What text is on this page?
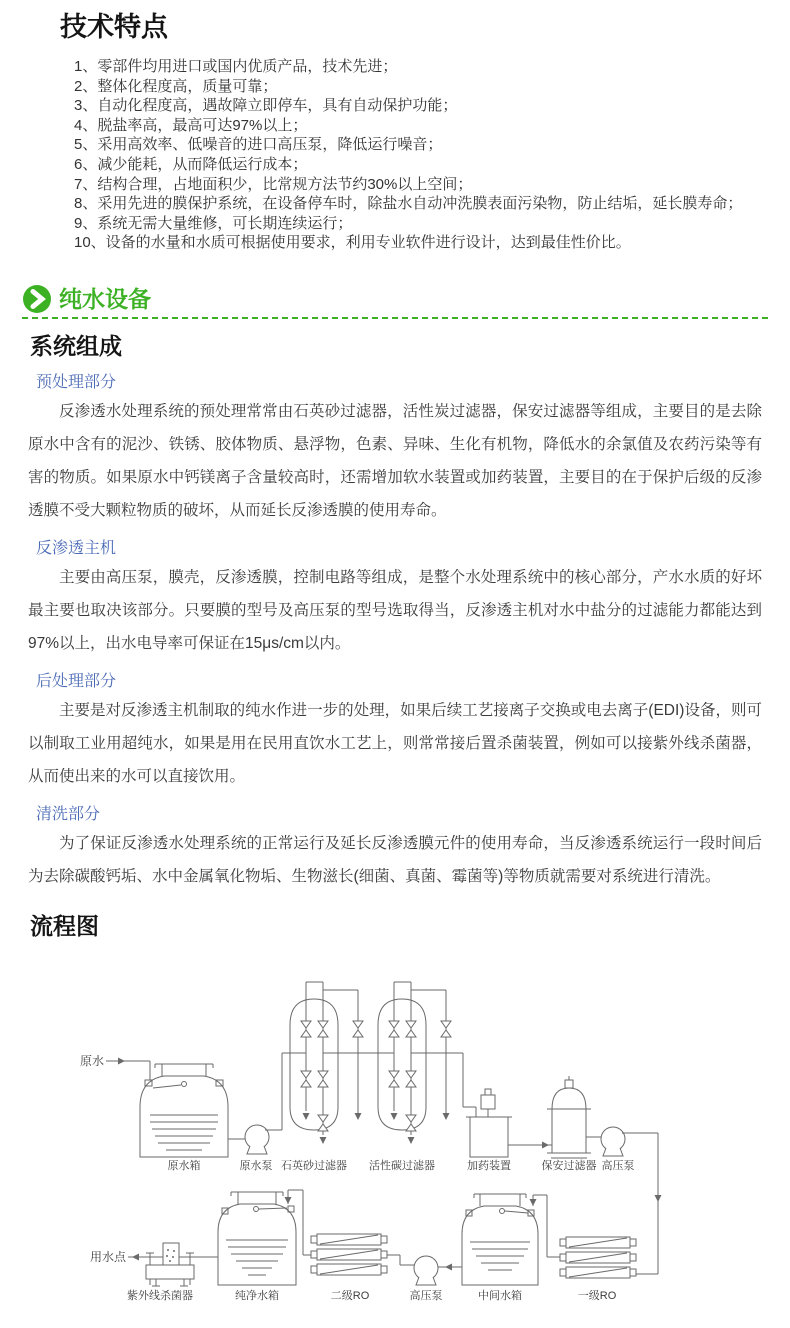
技术特点
1、零部件均用进口或国内优质产品，技术先进；
2、整体化程度高，质量可靠；
3、自动化程度高，遇故障立即停车，具有自动保护功能；
4、脱盐率高，最高可达97%以上；
5、采用高效率、低噪音的进口高压泵，降低运行噪音；
6、减少能耗，从而降低运行成本；
7、结构合理，占地面积少，比常规方法节约30%以上空间；
8、采用先进的膜保护系统，在设备停车时，除盐水自动冲洗膜表面污染物，防止结垢，延长膜寿命；
9、系统无需大量维修，可长期连续运行；
10、设备的水量和水质可根据使用要求，利用专业软件进行设计，达到最佳性价比。
纯水设备
系统组成
预处理部分

反渗透水处理系统的预处理常常由石英砂过滤器，活性炭过滤器，保安过滤器等组成，主要目的是去除原水中含有的泥沙、铁锈、胶体物质、悬浮物，色素、异味、生化有机物，降低水的余氯值及农药污染等有害的物质。如果原水中钙镁离子含量较高时，还需增加软水装置或加药装置，主要目的在于保护后级的反渗透膜不受大颗粒物质的破坏，从而延长反渗透膜的使用寿命。

反渗透主机

主要由高压泵，膜壳，反渗透膜，控制电路等组成，是整个水处理系统中的核心部分，产水水质的好坏最主要也取决该部分。只要膜的型号及高压泵的型号选取得当，反渗透主机对水中盐分的过滤能力都能达到97%以上，出水电导率可保证在15μs/cm以内。

后处理部分

主要是对反渗透主机制取的纯水作进一步的处理，如果后续工艺接离子交换或电去离子(EDI)设备，则可以制取工业用超纯水，如果是用在民用直饮水工艺上，则常常接后置杀菌装置，例如可以接紫外线杀菌器，从而使出来的水可以直接饮用。

清洗部分

为了保证反渗透水处理系统的正常运行及延长反渗透膜元件的使用寿命，当反渗透系统运行一段时间后为去除碳酸钙垢、水中金属氧化物垢、生物滋长(细菌、真菌、霉菌等)等物质就需要对系统进行清洗。

流程图
原水
原水箱	原水泵 石英砂过滤器 活性碳过滤器	加药装置	保安过滤器 高压泵
紫外线杀菌器	纯净水箱	二级RO	高压泵	中间水箱	一级RO
用水点
